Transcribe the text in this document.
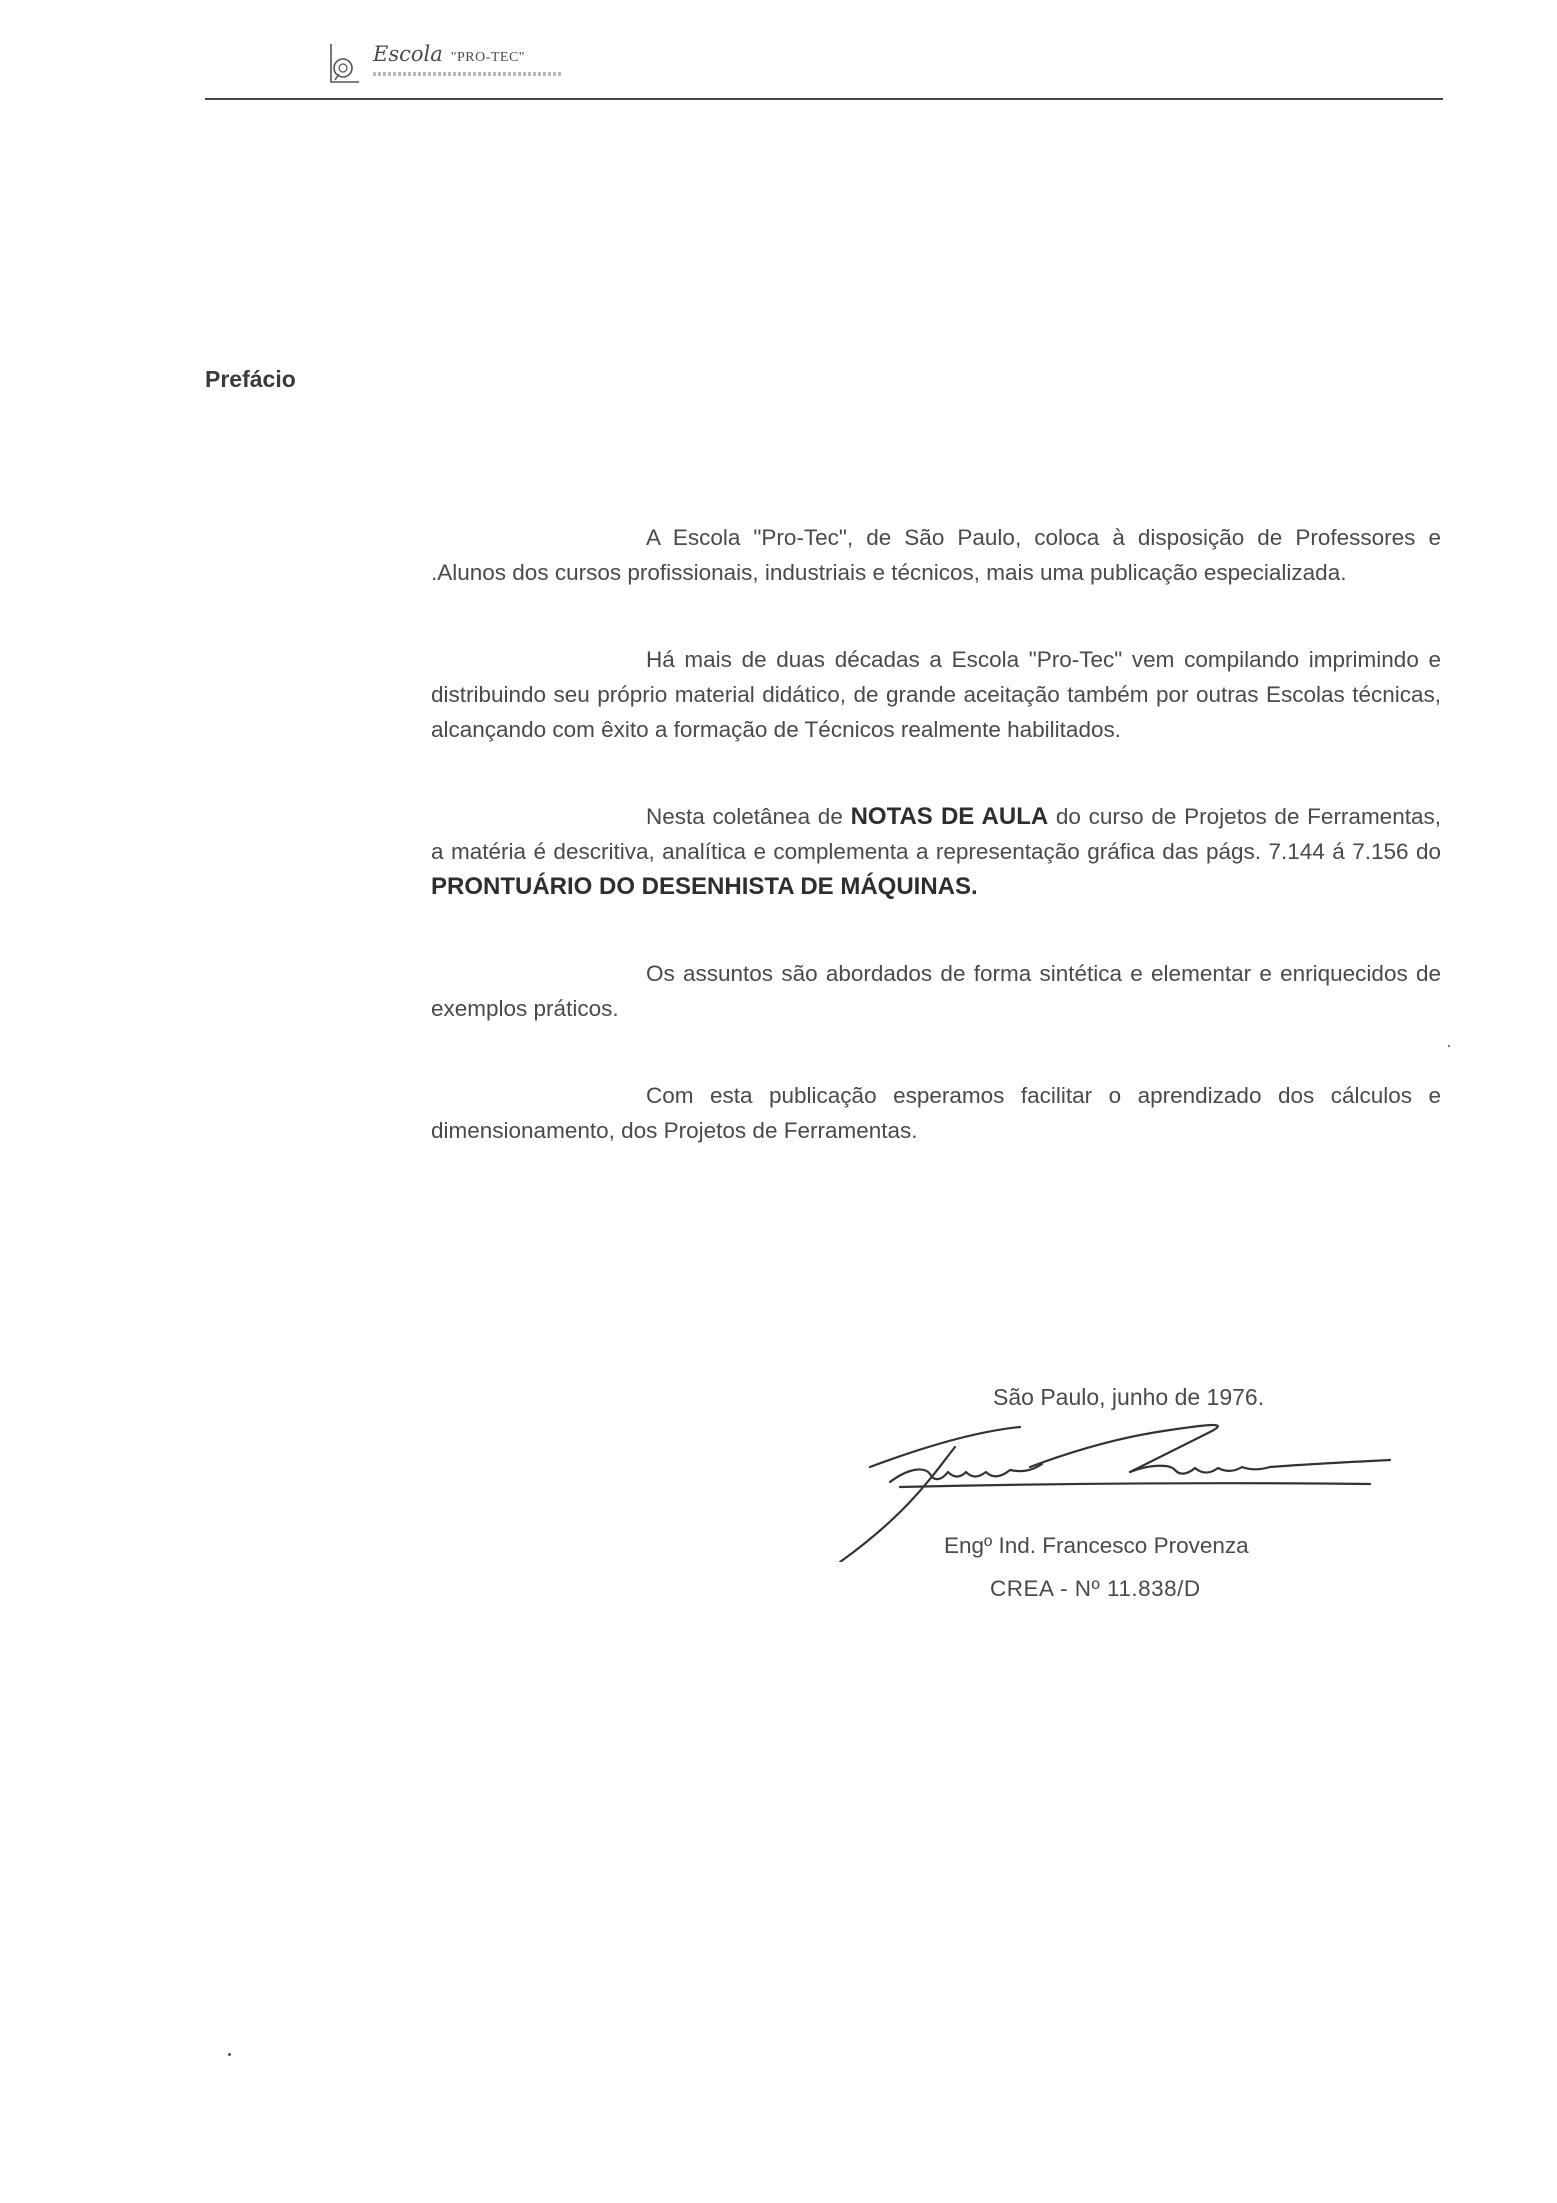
Escola "PRO-TEC"
Prefácio

A Escola "Pro-Tec", de São Paulo, coloca à disposição de Professores e .Alunos dos cursos profissionais, industriais e técnicos, mais uma publicação especializada.

Há mais de duas décadas a Escola "Pro-Tec" vem compilando imprimindo e distribuindo seu próprio material didático, de grande aceitação também por outras Escolas técnicas, alcançando com êxito a formação de Técnicos realmente habilitados.

Nesta coletânea de NOTAS DE AULA do curso de Projetos de Ferramentas, a matéria é descritiva, analítica e complementa a representação gráfica das págs. 7.144 á 7.156 do PRONTUÁRIO DO DESENHISTA DE MÁQUINAS.

Os assuntos são abordados de forma sintética e elementar e enriquecidos de exemplos práticos.

Com esta publicação esperamos facilitar o aprendizado dos cálculos e dimensionamento, dos Projetos de Ferramentas.

São Paulo, junho de 1976.
Engº Ind. Francesco Provenza
CREA - Nº 11.838/D
